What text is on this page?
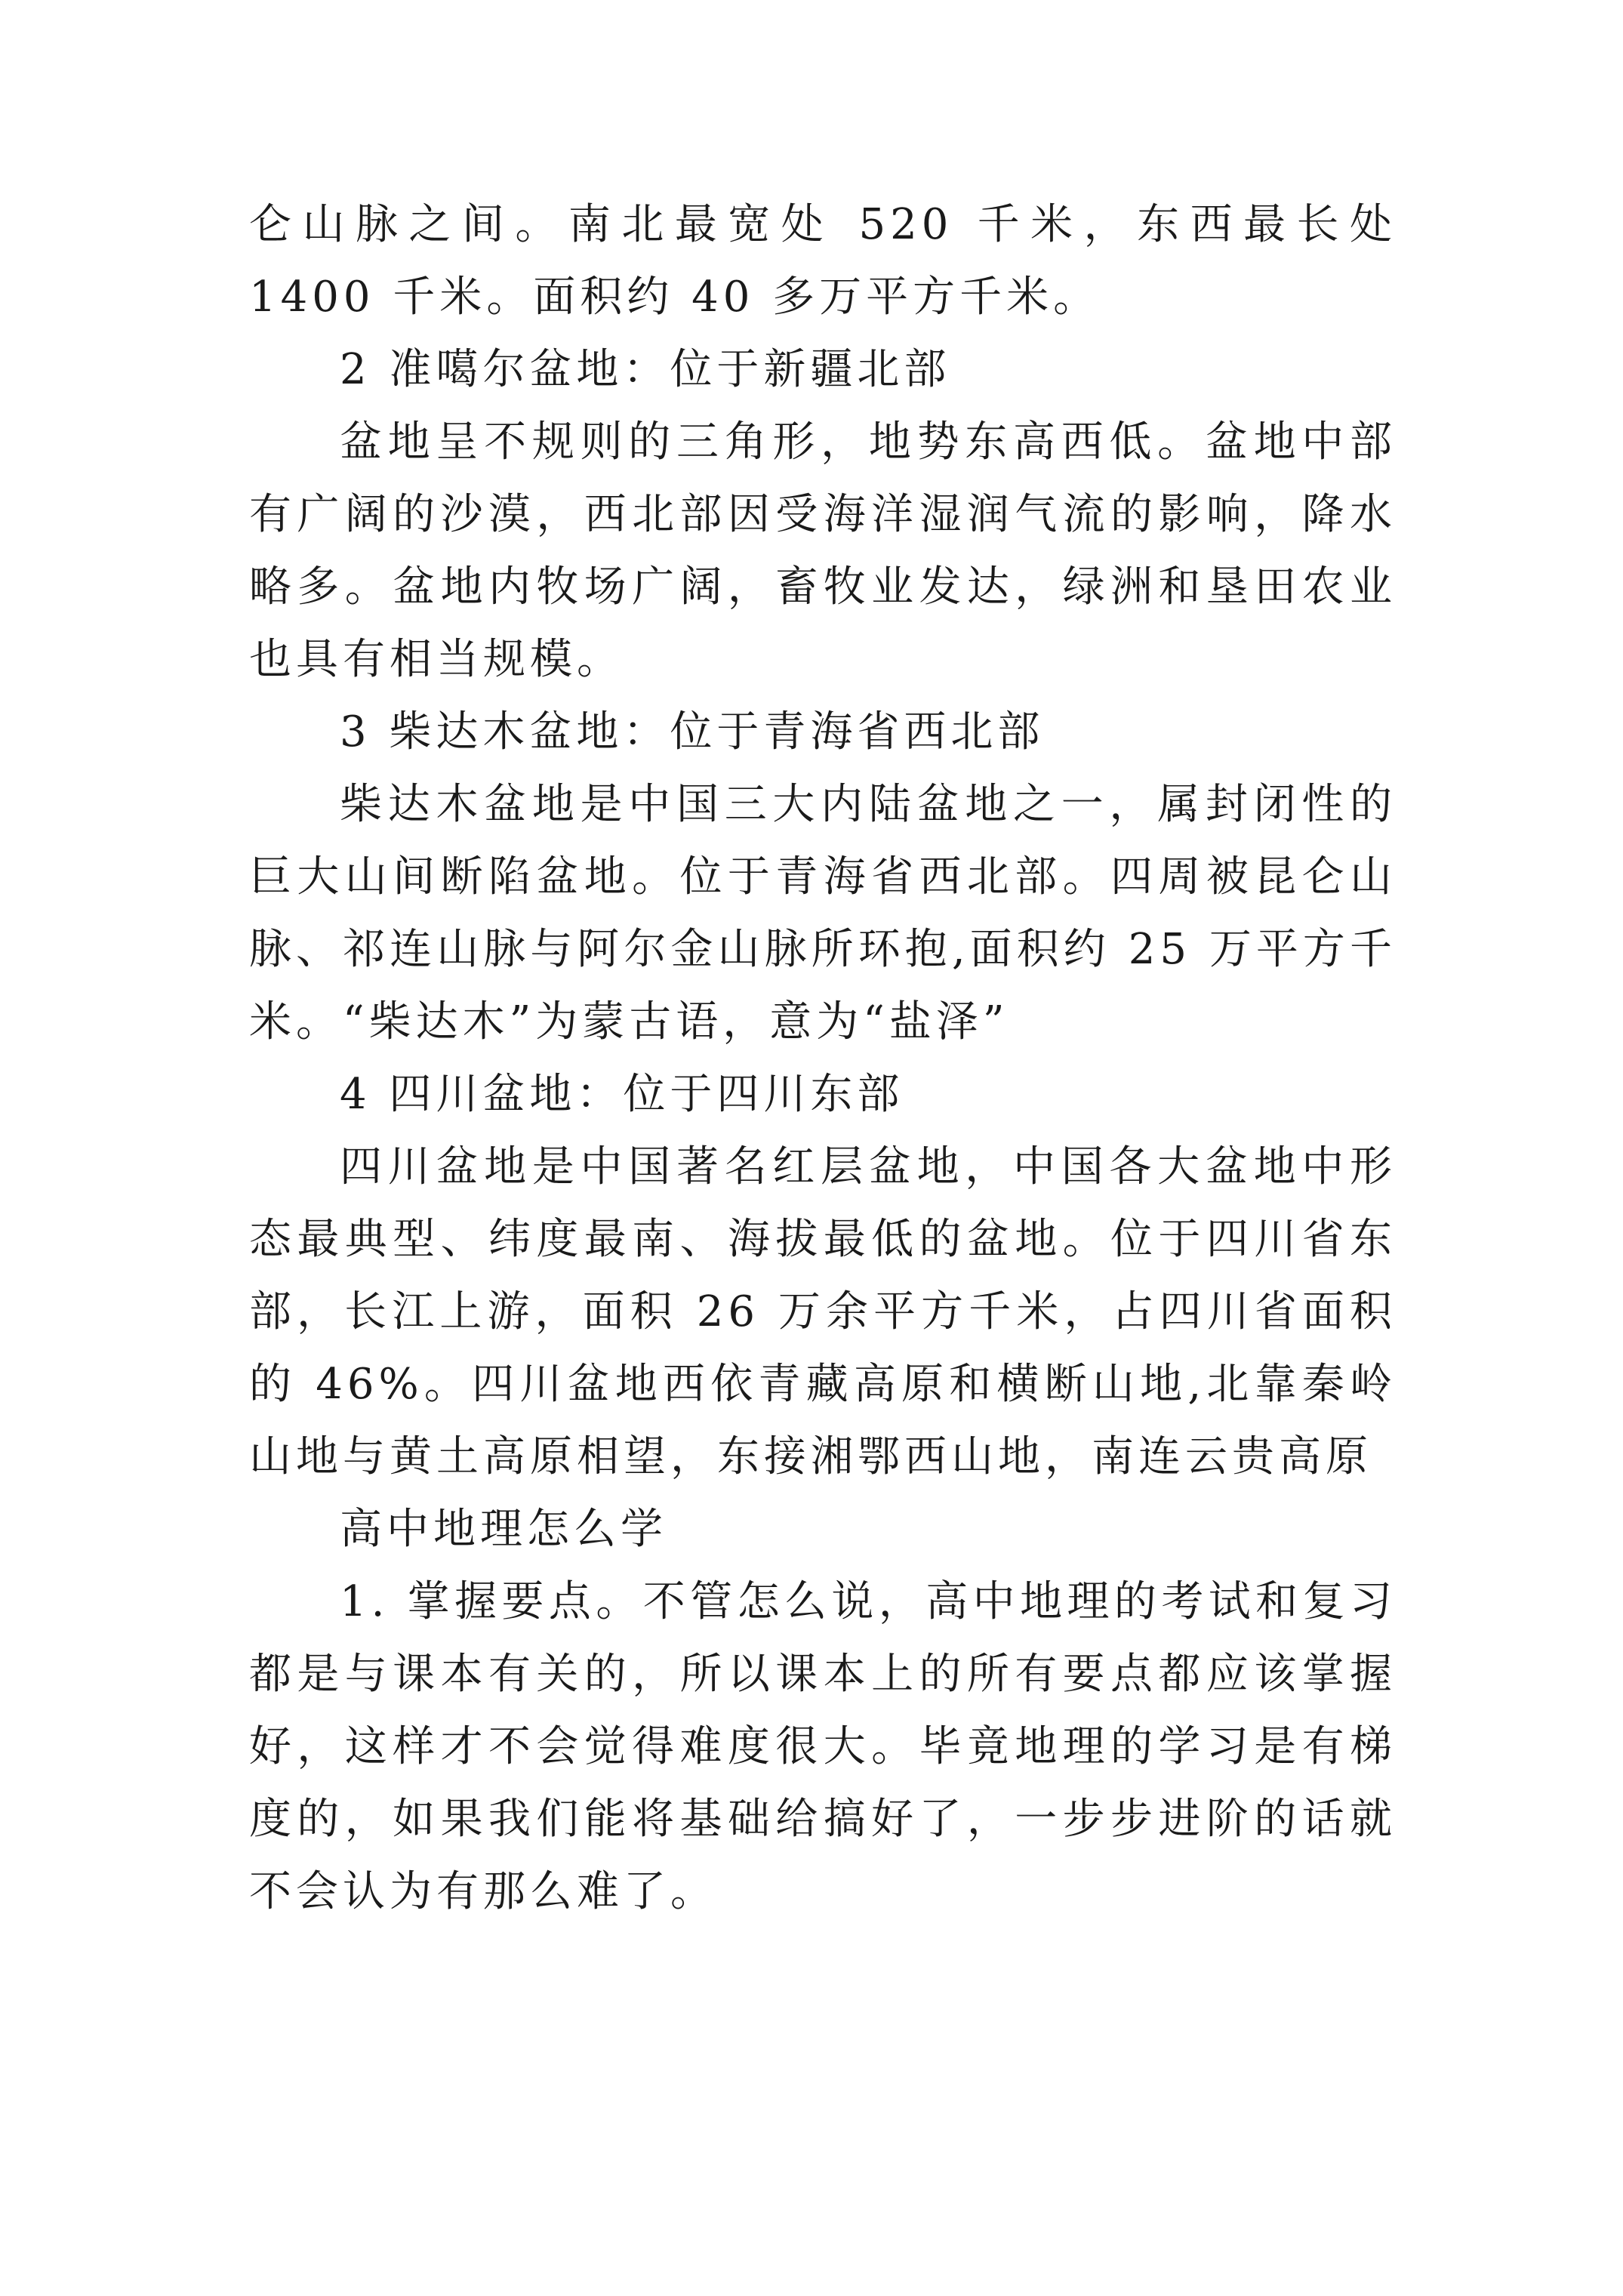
仑山脉之间。南北最宽处 520 千米，东西最长处 1400 千米。面积约 40 多万平方千米。

2 准噶尔盆地：位于新疆北部

盆地呈不规则的三角形，地势东高西低。盆地中部有广阔的沙漠，西北部因受海洋湿润气流的影响，降水略多。盆地内牧场广阔，畜牧业发达，绿洲和垦田农业也具有相当规模。

3 柴达木盆地：位于青海省西北部

柴达木盆地是中国三大内陆盆地之一，属封闭性的巨大山间断陷盆地。位于青海省西北部。四周被昆仑山脉、祁连山脉与阿尔金山脉所环抱,面积约 25 万平方千米。“柴达木”为蒙古语，意为“盐泽”

4 四川盆地：位于四川东部

四川盆地是中国著名红层盆地，中国各大盆地中形态最典型、纬度最南、海拔最低的盆地。位于四川省东部，长江上游，面积 26 万余平方千米，占四川省面积的 46%。四川盆地西依青藏高原和横断山地,北靠秦岭山地与黄土高原相望，东接湘鄂西山地，南连云贵高原

高中地理怎么学

1. 掌握要点。不管怎么说，高中地理的考试和复习都是与课本有关的，所以课本上的所有要点都应该掌握好，这样才不会觉得难度很大。毕竟地理的学习是有梯度的，如果我们能将基础给搞好了，一步步进阶的话就不会认为有那么难了。
